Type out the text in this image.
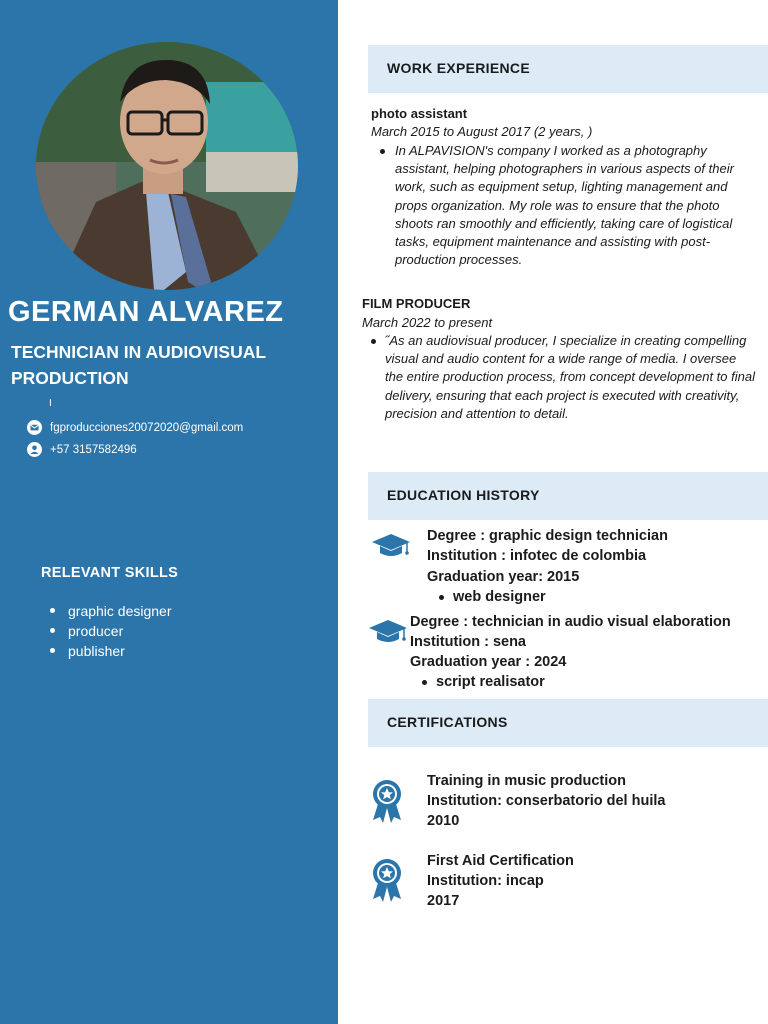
GERMAN ALVAREZ
TECHNICIAN IN AUDIOVISUAL PRODUCTION
I
fgproducciones20072020@gmail.com
+57 3157582496
RELEVANT SKILLS
graphic designer
producer
publisher
WORK EXPERIENCE
photo assistant
March 2015 to August 2017 (2 years, )
In ALPAVISION's company I worked as a photography assistant, helping photographers in various aspects of their work, such as equipment setup, lighting management and props organization. My role was to ensure that the photo shoots ran smoothly and efficiently, taking care of logistical tasks, equipment maintenance and assisting with post-production processes.
FILM PRODUCER
March 2022 to present
˝As an audiovisual producer, I specialize in creating compelling visual and audio content for a wide range of media. I oversee the entire production process, from concept development to final delivery, ensuring that each project is executed with creativity, precision and attention to detail.
EDUCATION HISTORY
Degree : graphic design technician
Institution : infotec de colombia
Graduation year: 2015
web designer
Degree : technician in audio visual elaboration
Institution : sena
Graduation year : 2024
script realisator
CERTIFICATIONS
Training in music production
Institution: conserbatorio del huila
2010
First Aid Certification
Institution: incap
2017
